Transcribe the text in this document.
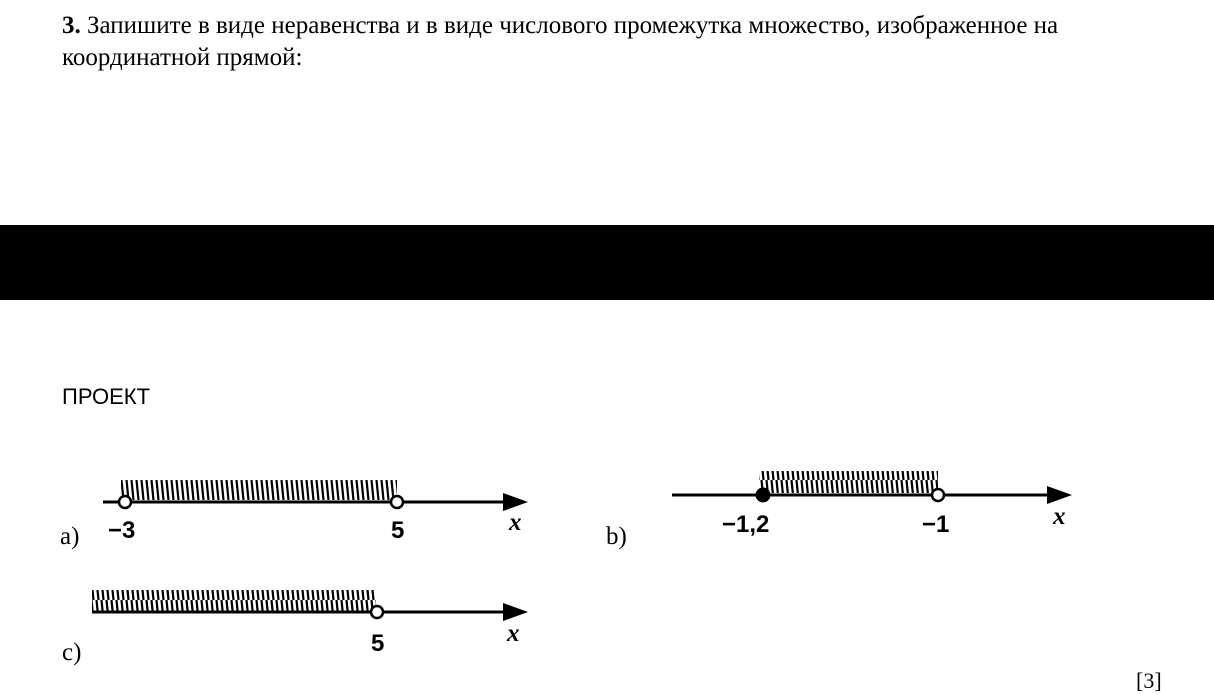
3. Запишите в виде неравенства и в виде числового промежутка множество, изображенное на координатной прямой:

ПРОЕКТ
a) −3	5	x
b)	−1,2	−1	x
c)	5	x
[3]
